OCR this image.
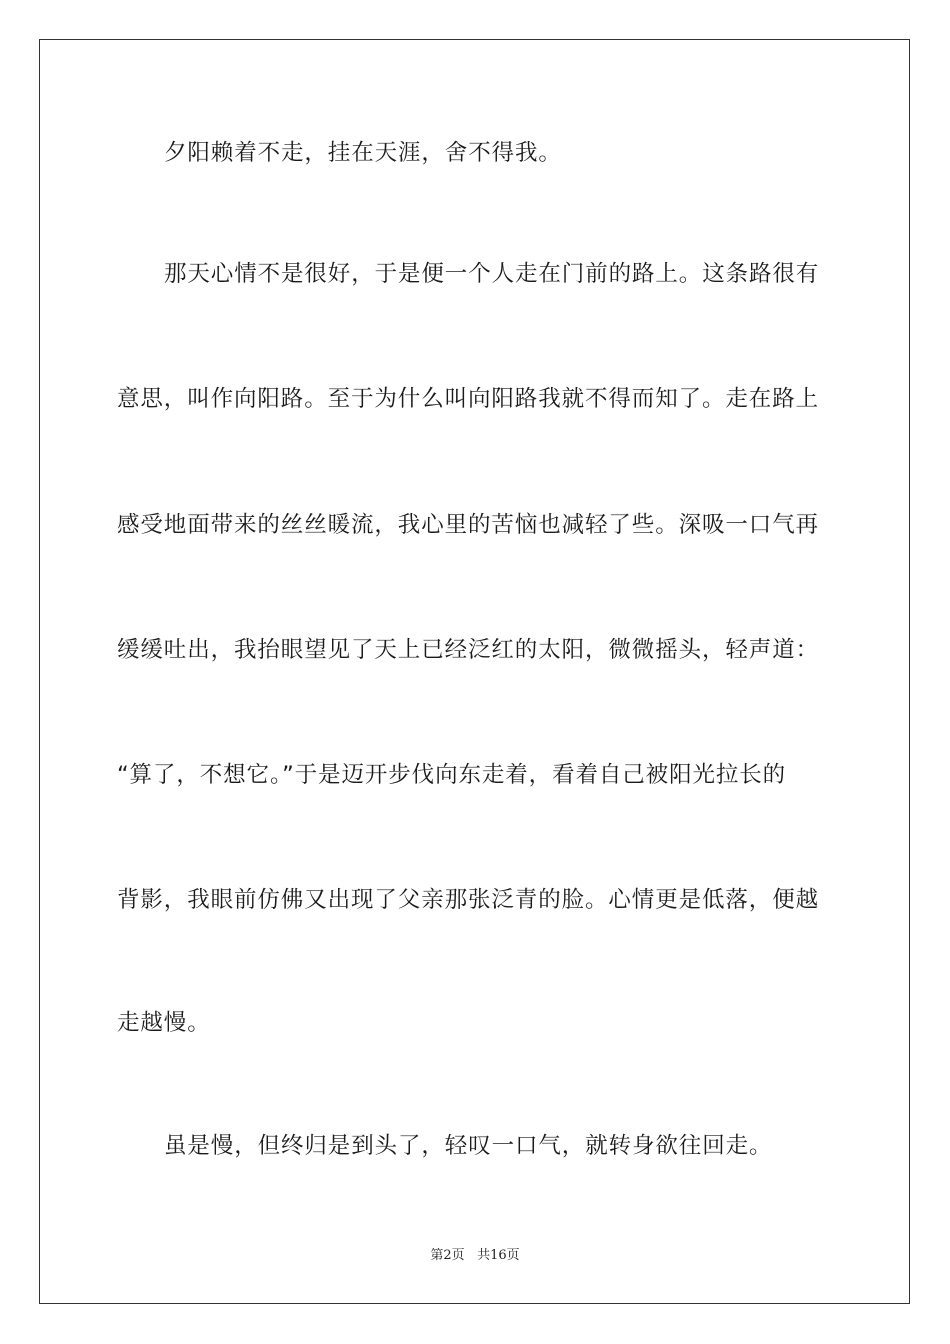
夕阳赖着不走，挂在天涯，舍不得我。
那天心情不是很好，于是便一个人走在门前的路上。这条路很有
意思，叫作向阳路。至于为什么叫向阳路我就不得而知了。走在路上
感受地面带来的丝丝暖流，我心里的苦恼也减轻了些。深吸一口气再
缓缓吐出，我抬眼望见了天上已经泛红的太阳，微微摇头，轻声道：
“算了，不想它。”于是迈开步伐向东走着，看着自己被阳光拉长的
背影，我眼前仿佛又出现了父亲那张泛青的脸。心情更是低落，便越
走越慢。
虽是慢，但终归是到头了，轻叹一口气，就转身欲往回走。
第2页 共16页
